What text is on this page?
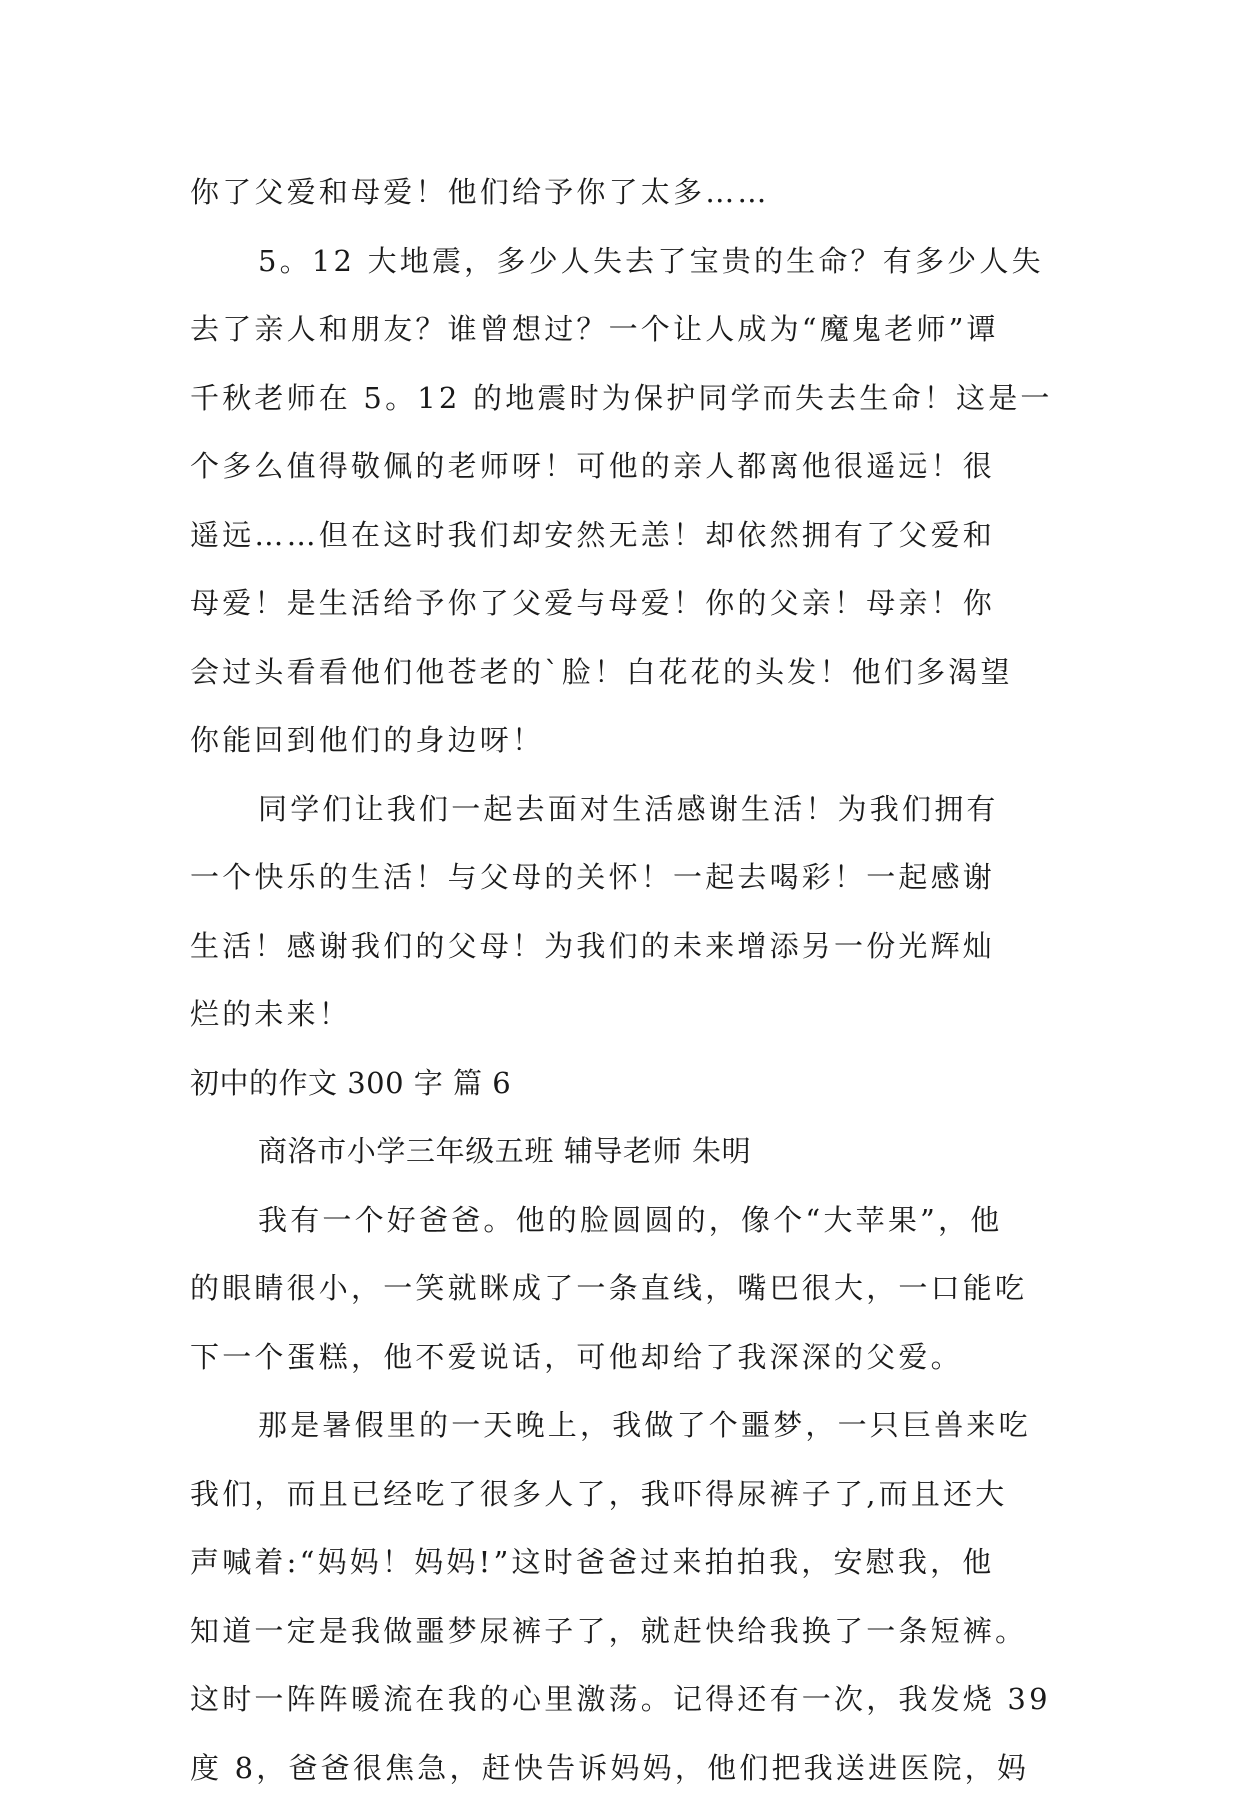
你了父爱和母爱！他们给予你了太多……
5。12 大地震，多少人失去了宝贵的生命？有多少人失
去了亲人和朋友？谁曾想过？一个让人成为“魔鬼老师”谭
千秋老师在 5。12 的地震时为保护同学而失去生命！这是一
个多么值得敬佩的老师呀！可他的亲人都离他很遥远！很
遥远……但在这时我们却安然无恙！却依然拥有了父爱和
母爱！是生活给予你了父爱与母爱！你的父亲！母亲！你
会过头看看他们他苍老的`脸！白花花的头发！他们多渴望
你能回到他们的身边呀！
同学们让我们一起去面对生活感谢生活！为我们拥有
一个快乐的生活！与父母的关怀！一起去喝彩！一起感谢
生活！感谢我们的父母！为我们的未来增添另一份光辉灿
烂的未来！
初中的作文 300 字 篇 6
商洛市小学三年级五班 辅导老师 朱明
我有一个好爸爸。他的脸圆圆的，像个“大苹果”，他
的眼睛很小，一笑就眯成了一条直线，嘴巴很大，一口能吃
下一个蛋糕，他不爱说话，可他却给了我深深的父爱。
那是暑假里的一天晚上，我做了个噩梦，一只巨兽来吃
我们，而且已经吃了很多人了，我吓得尿裤子了,而且还大
声喊着:“妈妈！妈妈!”这时爸爸过来拍拍我，安慰我，他
知道一定是我做噩梦尿裤子了，就赶快给我换了一条短裤。
这时一阵阵暖流在我的心里激荡。记得还有一次，我发烧 39
度 8，爸爸很焦急，赶快告诉妈妈，他们把我送进医院，妈
